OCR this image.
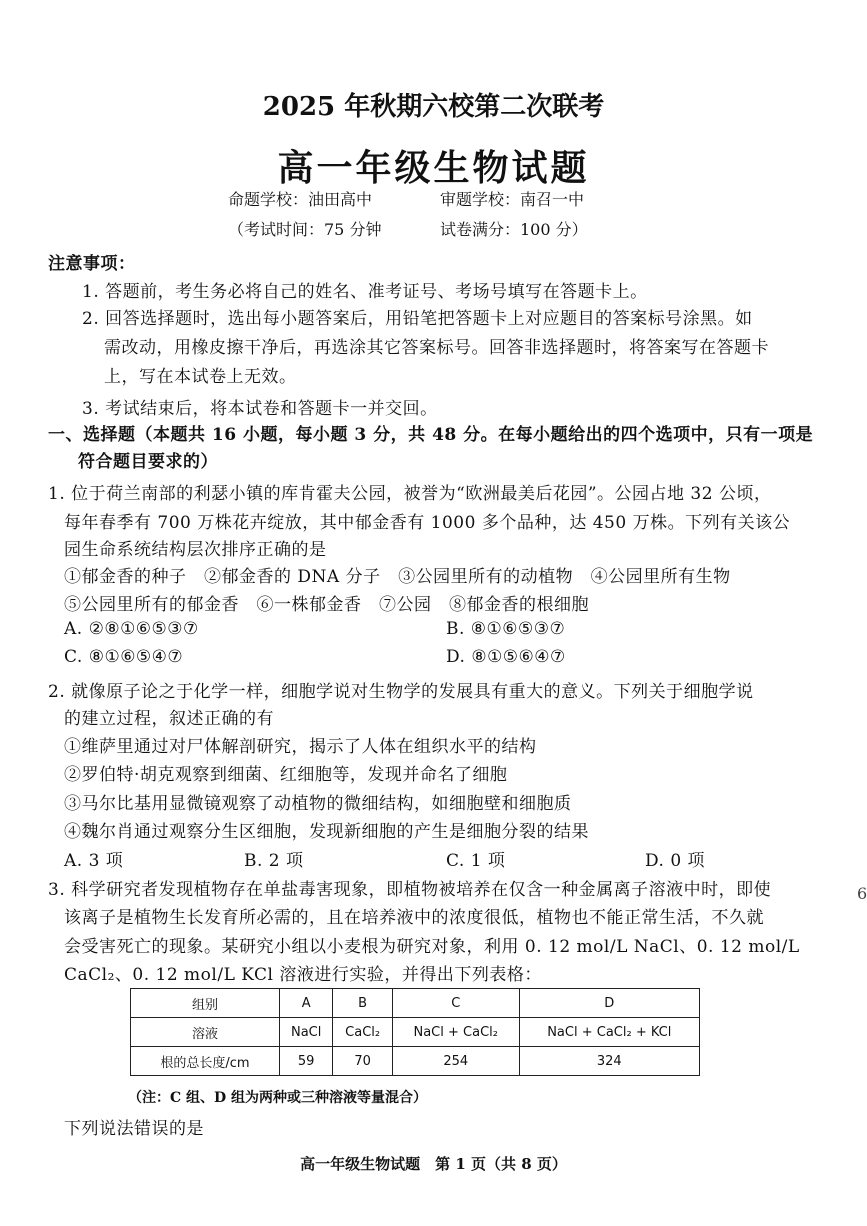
2025 年秋期六校第二次联考
高一年级生物试题
命题学校：油田高中	审题学校：南召一中
（考试时间：75 分钟	试卷满分：100 分）
注意事项：
1. 答题前，考生务必将自己的姓名、准考证号、考场号填写在答题卡上。
2. 回答选择题时，选出每小题答案后，用铅笔把答题卡上对应题目的答案标号涂黑。如
需改动，用橡皮擦干净后，再选涂其它答案标号。回答非选择题时，将答案写在答题卡
上，写在本试卷上无效。
3. 考试结束后，将本试卷和答题卡一并交回。
一、选择题（本题共 16 小题，每小题 3 分，共 48 分。在每小题给出的四个选项中，只有一项是
符合题目要求的）
1. 位于荷兰南部的利瑟小镇的库肯霍夫公园，被誉为“欧洲最美后花园”。公园占地 32 公顷，
每年春季有 700 万株花卉绽放，其中郁金香有 1000 多个品种，达 450 万株。下列有关该公
园生命系统结构层次排序正确的是
①郁金香的种子　②郁金香的 DNA 分子　③公园里所有的动植物　④公园里所有生物
⑤公园里所有的郁金香　⑥一株郁金香　⑦公园　⑧郁金香的根细胞
A. ②⑧①⑥⑤③⑦	B. ⑧①⑥⑤③⑦
C. ⑧①⑥⑤④⑦	D. ⑧①⑤⑥④⑦
2. 就像原子论之于化学一样，细胞学说对生物学的发展具有重大的意义。下列关于细胞学说
的建立过程，叙述正确的有
①维萨里通过对尸体解剖研究，揭示了人体在组织水平的结构
②罗伯特·胡克观察到细菌、红细胞等，发现并命名了细胞
③马尔比基用显微镜观察了动植物的微细结构，如细胞壁和细胞质
④魏尔肖通过观察分生区细胞，发现新细胞的产生是细胞分裂的结果
A. 3 项	B. 2 项	C. 1 项	D. 0 项
3. 科学研究者发现植物存在单盐毒害现象，即植物被培养在仅含一种金属离子溶液中时，即使
该离子是植物生长发育所必需的，且在培养液中的浓度很低，植物也不能正常生活，不久就
会受害死亡的现象。某研究小组以小麦根为研究对象，利用 0. 12 mol/L NaCl、0. 12 mol/L
CaCl₂、0. 12 mol/L KCl 溶液进行实验，并得出下列表格：
组别	A	B	C	D
溶液	NaCl	CaCl₂	NaCl + CaCl₂	NaCl + CaCl₂ + KCl
根的总长度/cm	59	70	254	324
（注：C 组、D 组为两种或三种溶液等量混合）
下列说法错误的是
高一年级生物试题　第 1 页（共 8 页）
6
